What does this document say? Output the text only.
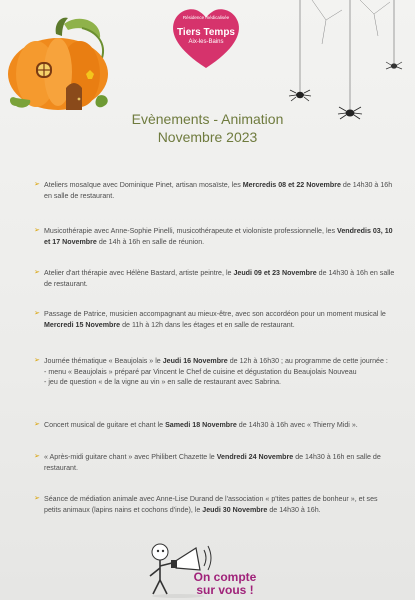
Résidence médicalisée
Tiers Temps
Aix-les-Bains
Evènements - Animation
Novembre 2023
➢ Ateliers mosaïque avec Dominique Pinet, artisan mosaïste, les Mercredis 08 et 22 Novembre de 14h30 à 16h en salle de restaurant.
➢ Musicothérapie avec Anne-Sophie Pinelli, musicothérapeute et violoniste professionnelle, les Vendredis 03, 10 et 17 Novembre de 14h à 16h en salle de réunion.
➢ Atelier d'art thérapie avec Hélène Bastard, artiste peintre, le Jeudi 09 et 23 Novembre de 14h30 à 16h en salle de restaurant.
➢ Passage de Patrice, musicien accompagnant au mieux-être, avec son accordéon pour un moment musical le Mercredi 15 Novembre de 11h à 12h dans les étages et en salle de restaurant.
➢ Journée thématique « Beaujolais » le Jeudi 16 Novembre de 12h à 16h30 ; au programme de cette journée :
- menu « Beaujolais » préparé par Vincent le Chef de cuisine et dégustation du Beaujolais Nouveau
- jeu de question « de la vigne au vin » en salle de restaurant avec Sabrina.
➢ Concert musical de guitare et chant le Samedi 18 Novembre de 14h30 à 16h avec « Thierry Midi ».
➢ « Après-midi guitare chant » avec Philibert Chazette le Vendredi 24 Novembre de 14h30 à 16h en salle de restaurant.
➢ Séance de médiation animale avec Anne-Lise Durand de l'association « p'tites pattes de bonheur », et ses petits animaux (lapins nains et cochons d'inde), le Jeudi 30 Novembre de 14h30 à 16h.
On compte
sur vous !
